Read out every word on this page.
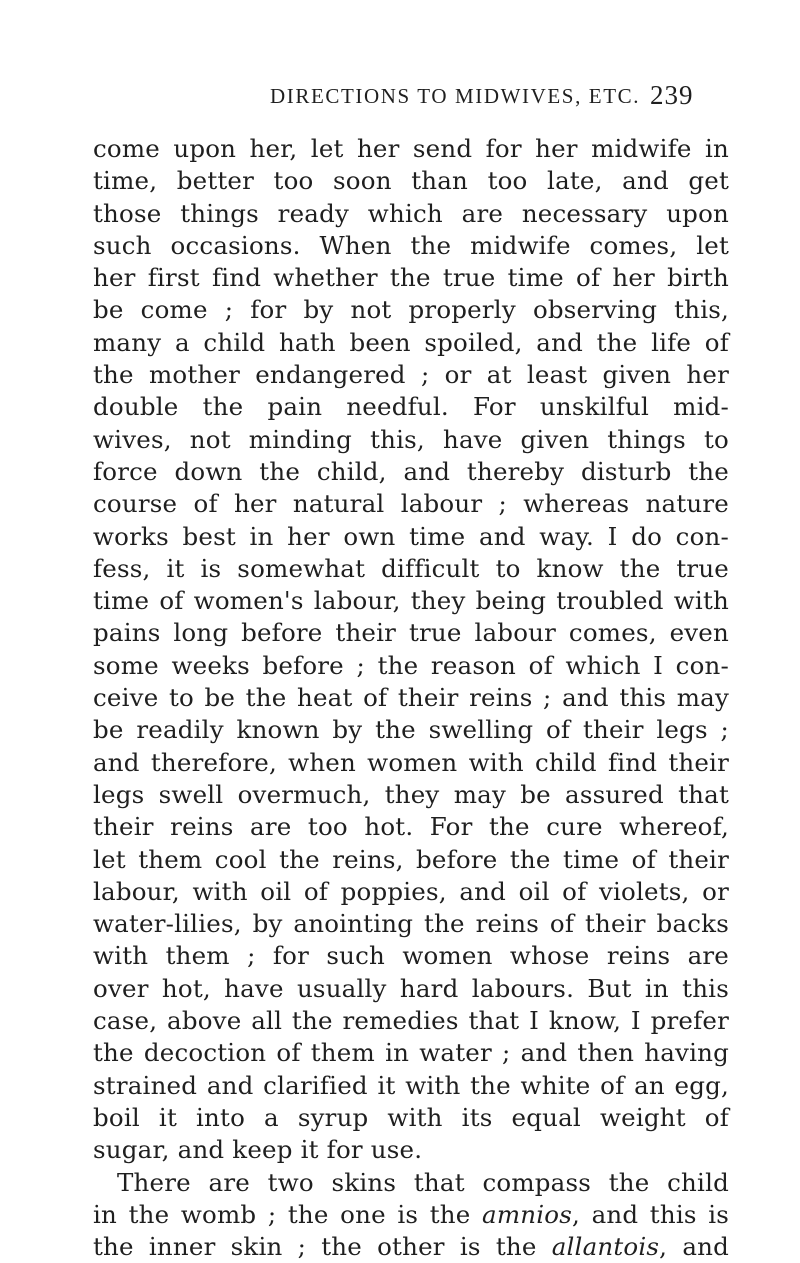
DIRECTIONS TO MIDWIVES, ETC. 239
come upon her, let her send for her midwife in
time, better too soon than too late, and get
those things ready which are necessary upon
such occasions. When the midwife comes, let
her first find whether the true time of her birth
be come ; for by not properly observing this,
many a child hath been spoiled, and the life of
the mother endangered ; or at least given her
double the pain needful. For unskilful mid-
wives, not minding this, have given things to
force down the child, and thereby disturb the
course of her natural labour ; whereas nature
works best in her own time and way. I do con-
fess, it is somewhat difficult to know the true
time of women's labour, they being troubled with
pains long before their true labour comes, even
some weeks before ; the reason of which I con-
ceive to be the heat of their reins ; and this may
be readily known by the swelling of their legs ;
and therefore, when women with child find their
legs swell overmuch, they may be assured that
their reins are too hot. For the cure whereof,
let them cool the reins, before the time of their
labour, with oil of poppies, and oil of violets, or
water-lilies, by anointing the reins of their backs
with them ; for such women whose reins are
over hot, have usually hard labours. But in this
case, above all the remedies that I know, I prefer
the decoction of them in water ; and then having
strained and clarified it with the white of an egg,
boil it into a syrup with its equal weight of
sugar, and keep it for use.
There are two skins that compass the child
in the womb ; the one is the amnios, and this is
the inner skin ; the other is the allantois, and
